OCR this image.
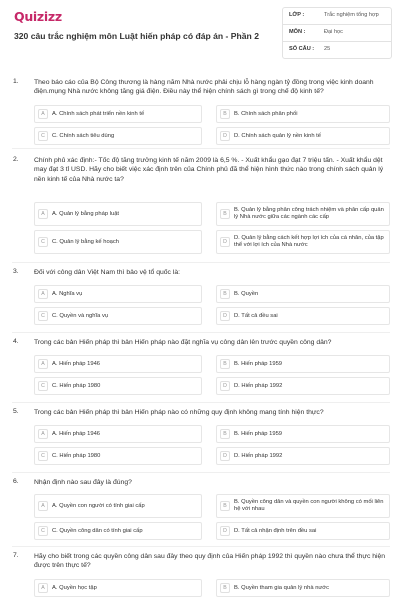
Quizizz
320 câu trắc nghiệm môn Luật hiến pháp có đáp án - Phần 2
LỚP :	Trắc nghiệm tổng hợp
MÔN :	Đại học
SỐ CÂU : 25
1. Theo báo cáo của Bộ Công thương là hàng năm Nhà nước phải chịu lỗ hàng ngàn tỷ đồng trong việc kinh doanh điện.mụng Nhà nước không tăng giá điện. Điều này thể hiện chính sách gì trong chế độ kinh tế?
A	A. Chính sách phát triển nền kinh tế	B	B. Chính sách phân phối
C	C. Chính sách tiêu dùng	D	D. Chính sách quản lý nền kinh tế
2. Chính phủ xác định:- Tốc độ tăng trưởng kinh tế năm 2009 là 6,5 %. - Xuất khẩu gạo đạt 7 triệu tấn. - Xuất khẩu dệt may đạt 3 tỉ USD. Hãy cho biết việc xác định trên của Chính phủ đã thể hiện hình thức nào trong chính sách quản lý nền kinh tế của Nhà nước ta?
A	A. Quản lý bằng pháp luật	B
B. Quản lý bằng phân công trách nhiệm và phân cấp quản lý Nhà nước giữa các ngành các cấp
C	C. Quản lý bằng kế hoạch	D
D. Quản lý bằng cách kết hợp lợi ích của cá nhân, của tập thể với lợi ích của Nhà nước
3. Đối với công dân Việt Nam thì bảo vệ tổ quốc là:
A	A. Nghĩa vụ	B	B. Quyền
C	C. Quyền và nghĩa vụ	D	D. Tất cả đều sai
4. Trong các bản Hiến pháp thì bản Hiến pháp nào đặt nghĩa vụ công dân lên trước quyền công dân?
A	A. Hiến pháp 1946	B	B. Hiến pháp 1959
C	C. Hiến pháp 1980	D	D. Hiến pháp 1992
5. Trong các bản Hiến pháp thì bản Hiến pháp nào có những quy định không mang tính hiện thực?
A	A. Hiến pháp 1946	B	B. Hiến pháp 1959
C	C. Hiến pháp 1980	D	D. Hiến pháp 1992
6. Nhận định nào sau đây là đúng?
A	A. Quyền con người có tính giai cấp	B
B. Quyền công dân và quyền con người không có mối liên hệ với nhau
C	C. Quyền công dân có tính giai cấp	D	D. Tất cả nhận định trên đều sai
7. Hãy cho biết trong các quyền công dân sau đây theo quy định của Hiến pháp 1992 thì quyền nào chưa thể thực hiện được trên thực tế?
A	A. Quyền học tập	B	B. Quyền tham gia quản lý nhà nước
